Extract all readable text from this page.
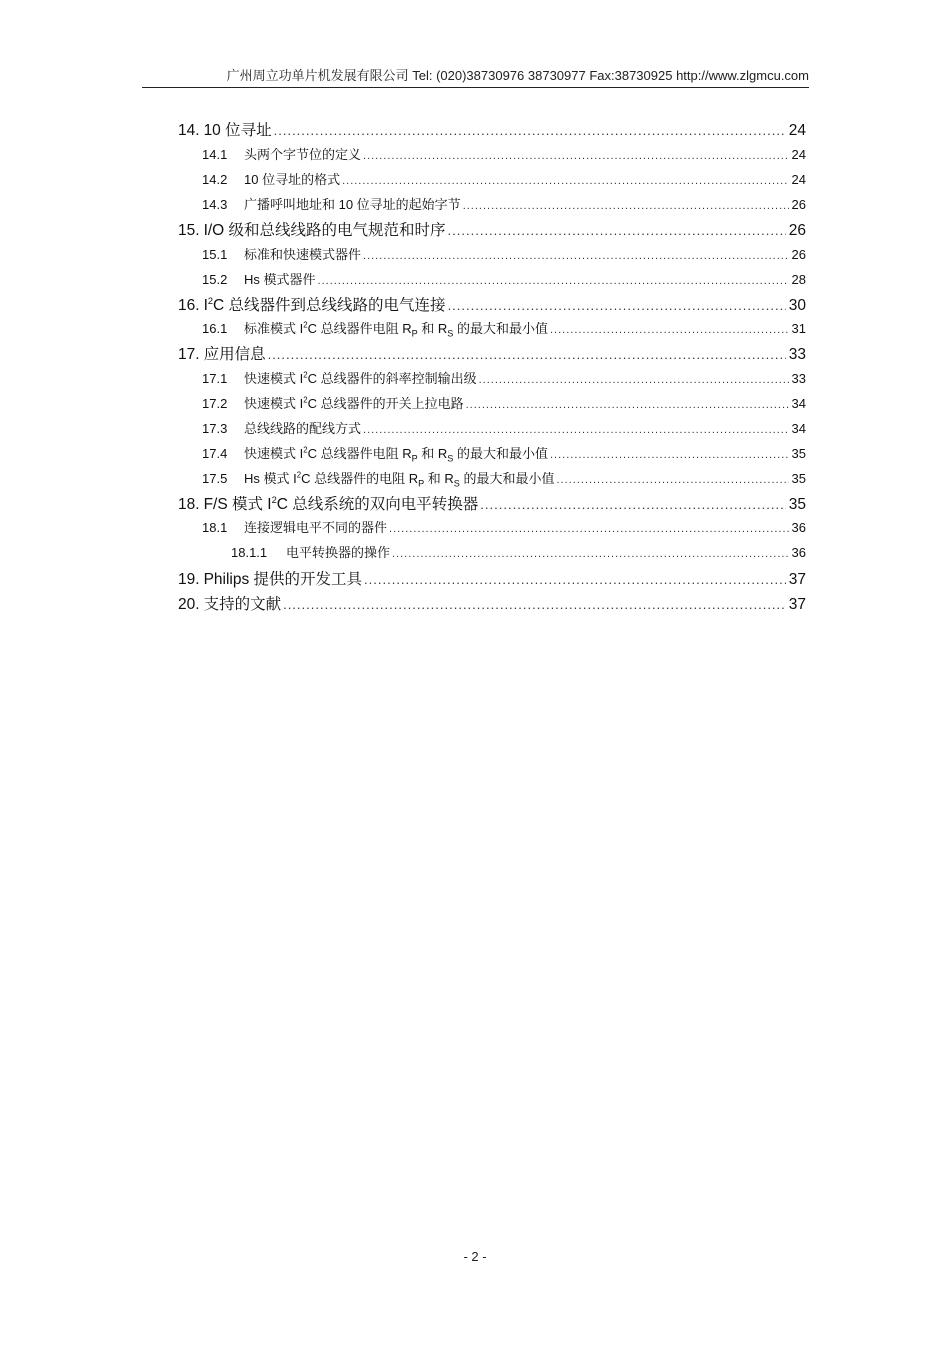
广州周立功单片机发展有限公司 Tel: (020)38730976 38730977 Fax:38730925 http://www.zlgmcu.com
14. 10 位寻址 .....	24
14.1	头两个字节位的定义 .....	24
14.2	10 位寻址的格式 .....	24
14.3	广播呼叫地址和 10 位寻址的起始字节 .....	26
15. I/O 级和总线线路的电气规范和时序 .....	26
15.1	标准和快速模式器件 .....	26
15.2	Hs 模式器件 .....	28
16. $I^2C$ 总线器件到总线线路的电气连接 .....	30
16.1	标准模式 $I^2C$ 总线器件电阻 $R_P$ 和 $R_S$ 的最大和最小值 .....	31
17. 应用信息 .....	33
17.1	快速模式 $I^2C$ 总线器件的斜率控制输出级 .....	33
17.2	快速模式 $I^2C$ 总线器件的开关上拉电路 .....	34
17.3	总线线路的配线方式 .....	34
17.4	快速模式 $I^2C$ 总线器件电阻 $R_P$ 和 $R_S$ 的最大和最小值 .....	35
17.5	Hs 模式 $I^2C$ 总线器件的电阻 $R_P$ 和 $R_S$ 的最大和最小值 .....	35
18. F/S 模式 $I^2C$ 总线系统的双向电平转换器 .....	35
18.1	连接逻辑电平不同的器件 .....	36
18.1.1	电平转换器的操作 .....	36
19. Philips 提供的开发工具 .....	37
20. 支持的文献 .....	37
- 2 -
